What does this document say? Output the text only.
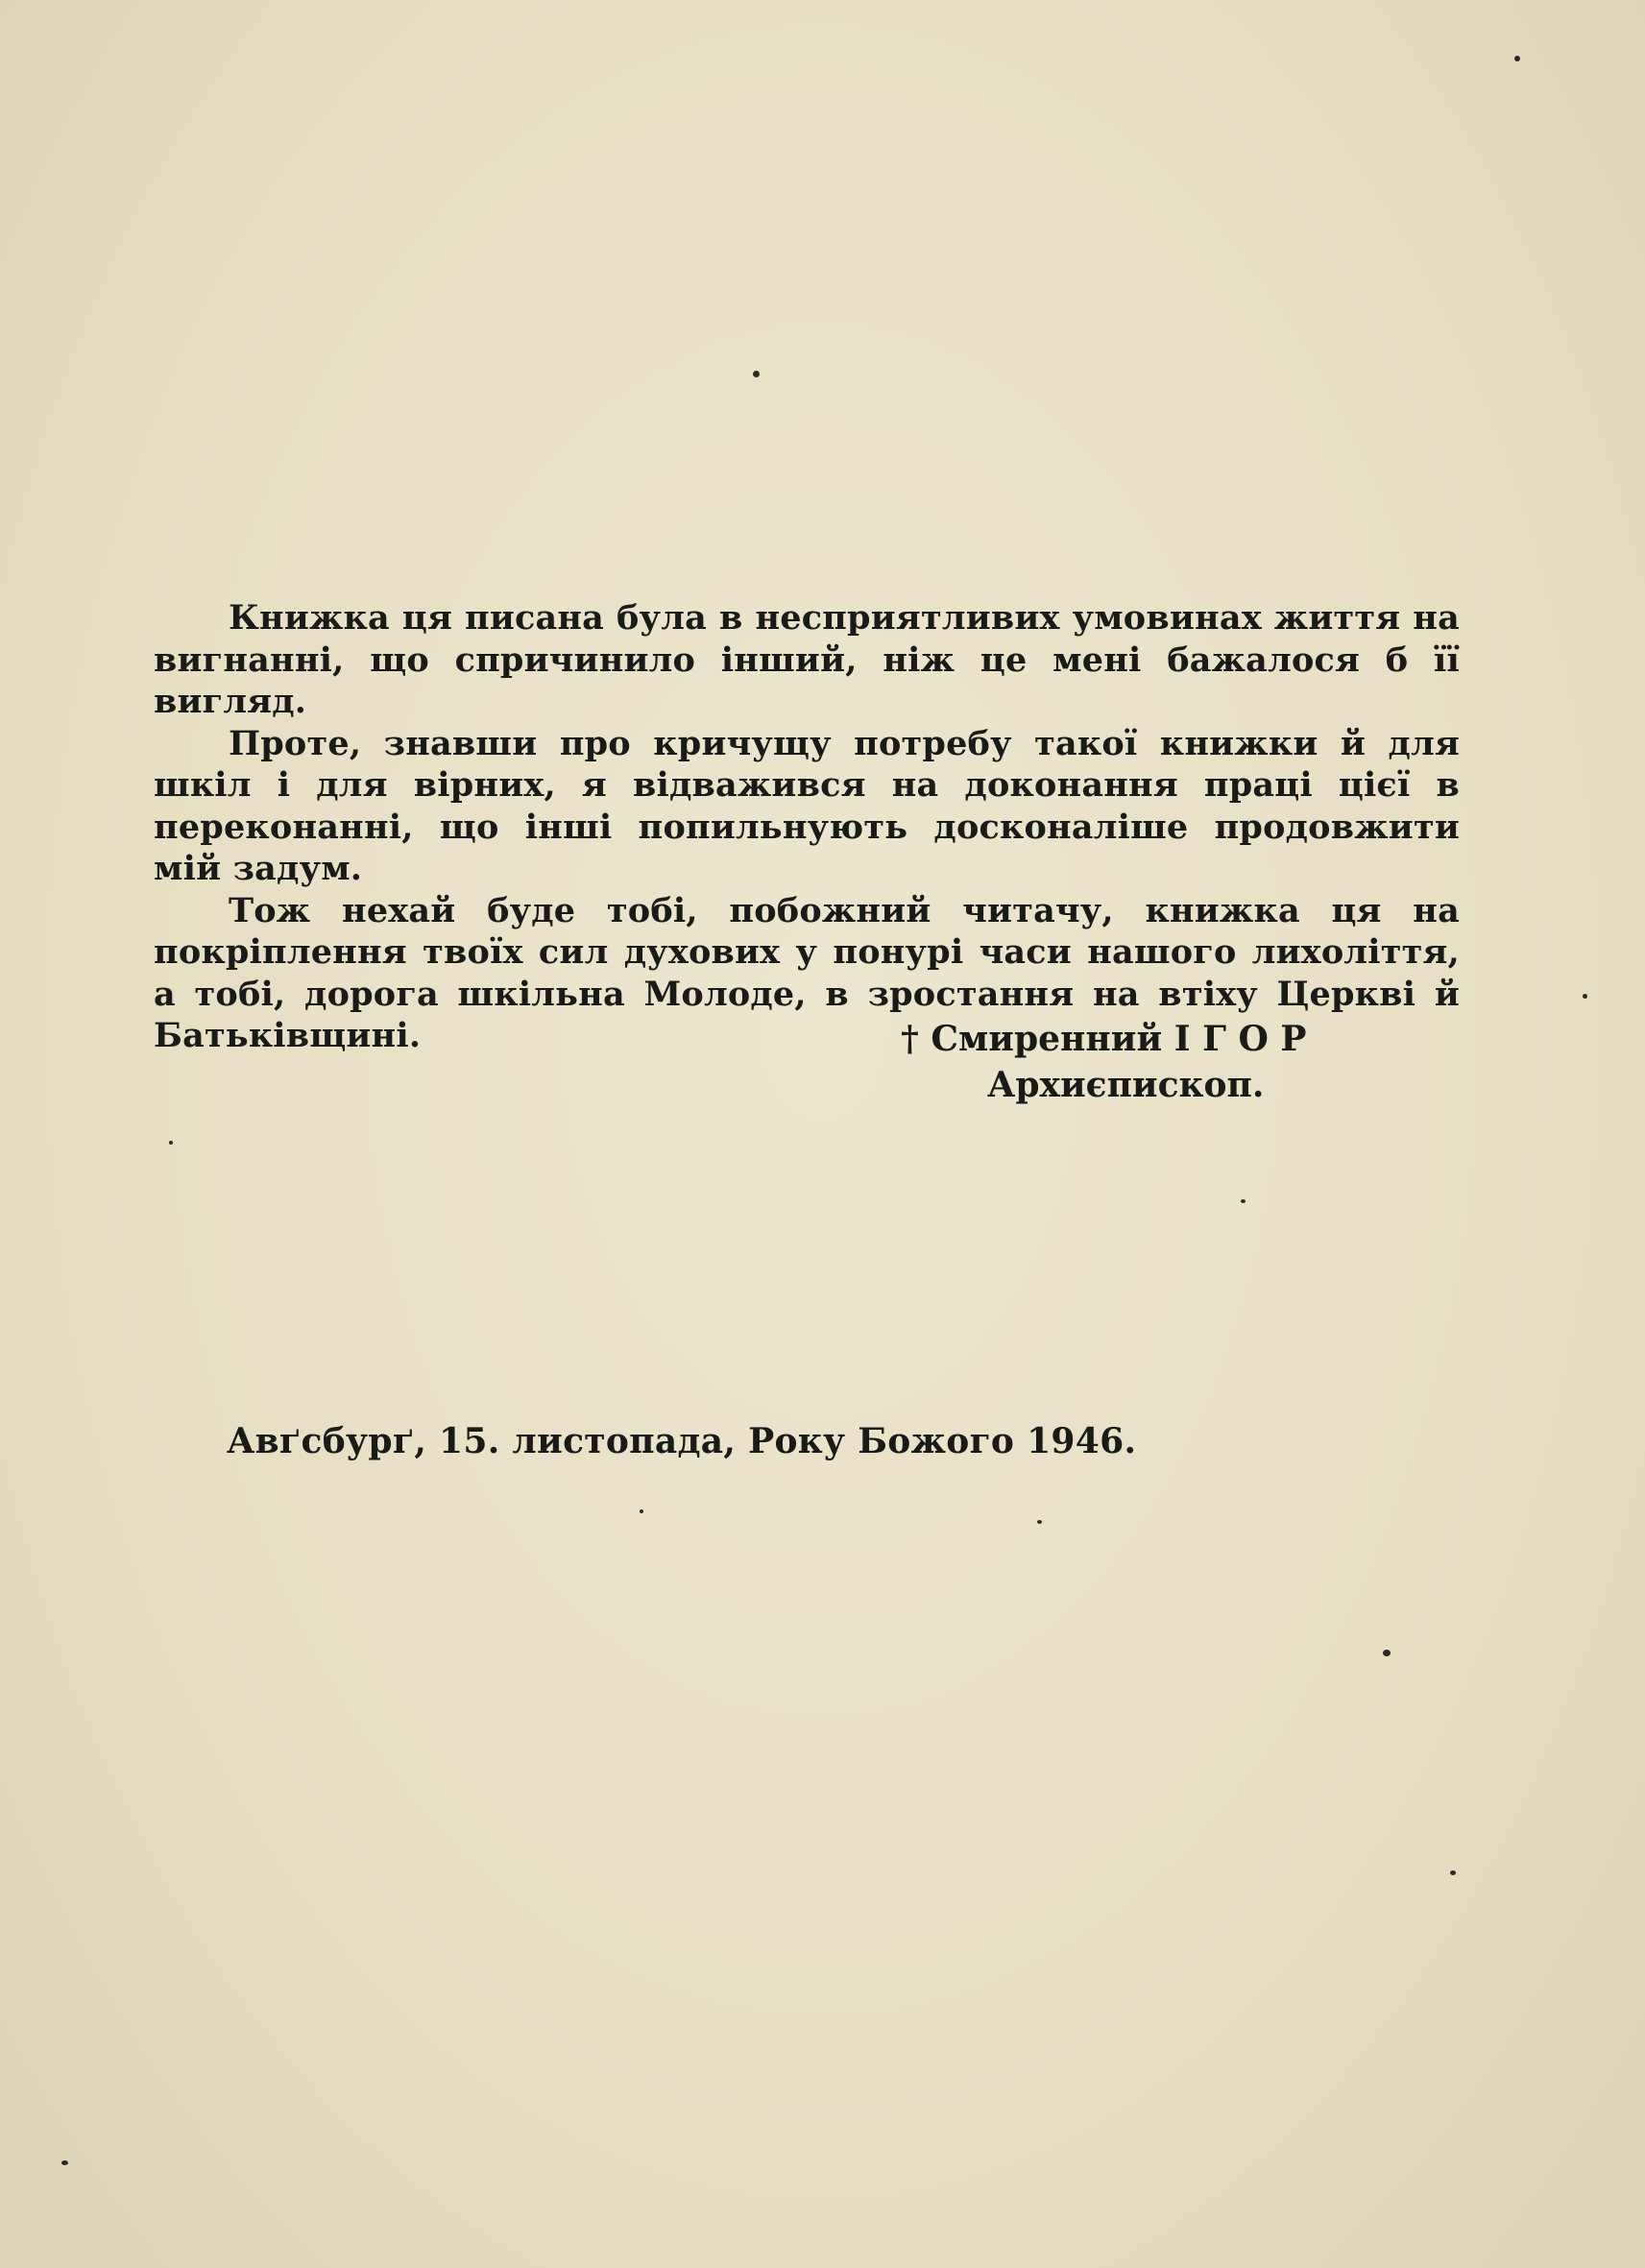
Книжка ця писана була в несприятливих умовинах життя на вигнанні, що спричинило інший, ніж це мені бажалося б її вигляд.

Проте, знавши про кричущу потребу такої книжки й для шкіл і для вірних, я відважився на доконання праці цієї в переконанні, що інші попильнують досконаліше продовжити мій задум.

Тож нехай буде тобі, побожний читачу, книжка ця на покріплення твоїх сил духових у понурі часи нашого лихоліття, а тобі, дорога шкільна Молоде, в зростання на втіху Церкві й Батьківщині.	† Смиренний І Г О Р
Архиєпископ.
Авґсбурґ, 15. листопада, Року Божого 1946.
